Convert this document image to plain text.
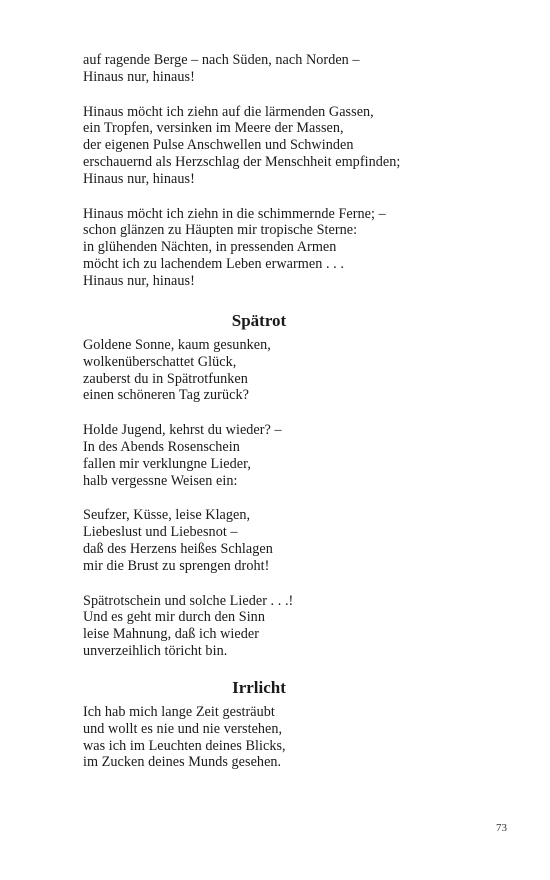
auf ragende Berge – nach Süden, nach Norden –
Hinaus nur, hinaus!
Hinaus möcht ich ziehn auf die lärmenden Gassen,
ein Tropfen, versinken im Meere der Massen,
der eigenen Pulse Anschwellen und Schwinden
erschauernd als Herzschlag der Menschheit empfinden;
Hinaus nur, hinaus!
Hinaus möcht ich ziehn in die schimmernde Ferne; –
schon glänzen zu Häupten mir tropische Sterne:
in glühenden Nächten, in pressenden Armen
möcht ich zu lachendem Leben erwarmen . . .
Hinaus nur, hinaus!
Spätrot
Goldene Sonne, kaum gesunken,
wolkenüberschattet Glück,
zauberst du in Spätrotfunken
einen schöneren Tag zurück?
Holde Jugend, kehrst du wieder? –
In des Abends Rosenschein
fallen mir verklungne Lieder,
halb vergessne Weisen ein:
Seufzer, Küsse, leise Klagen,
Liebeslust und Liebesnot –
daß des Herzens heißes Schlagen
mir die Brust zu sprengen droht!
Spätrotschein und solche Lieder . . .!
Und es geht mir durch den Sinn
leise Mahnung, daß ich wieder
unverzeihlich töricht bin.
Irrlicht
Ich hab mich lange Zeit gesträubt
und wollt es nie und nie verstehen,
was ich im Leuchten deines Blicks,
im Zucken deines Munds gesehen.
73
